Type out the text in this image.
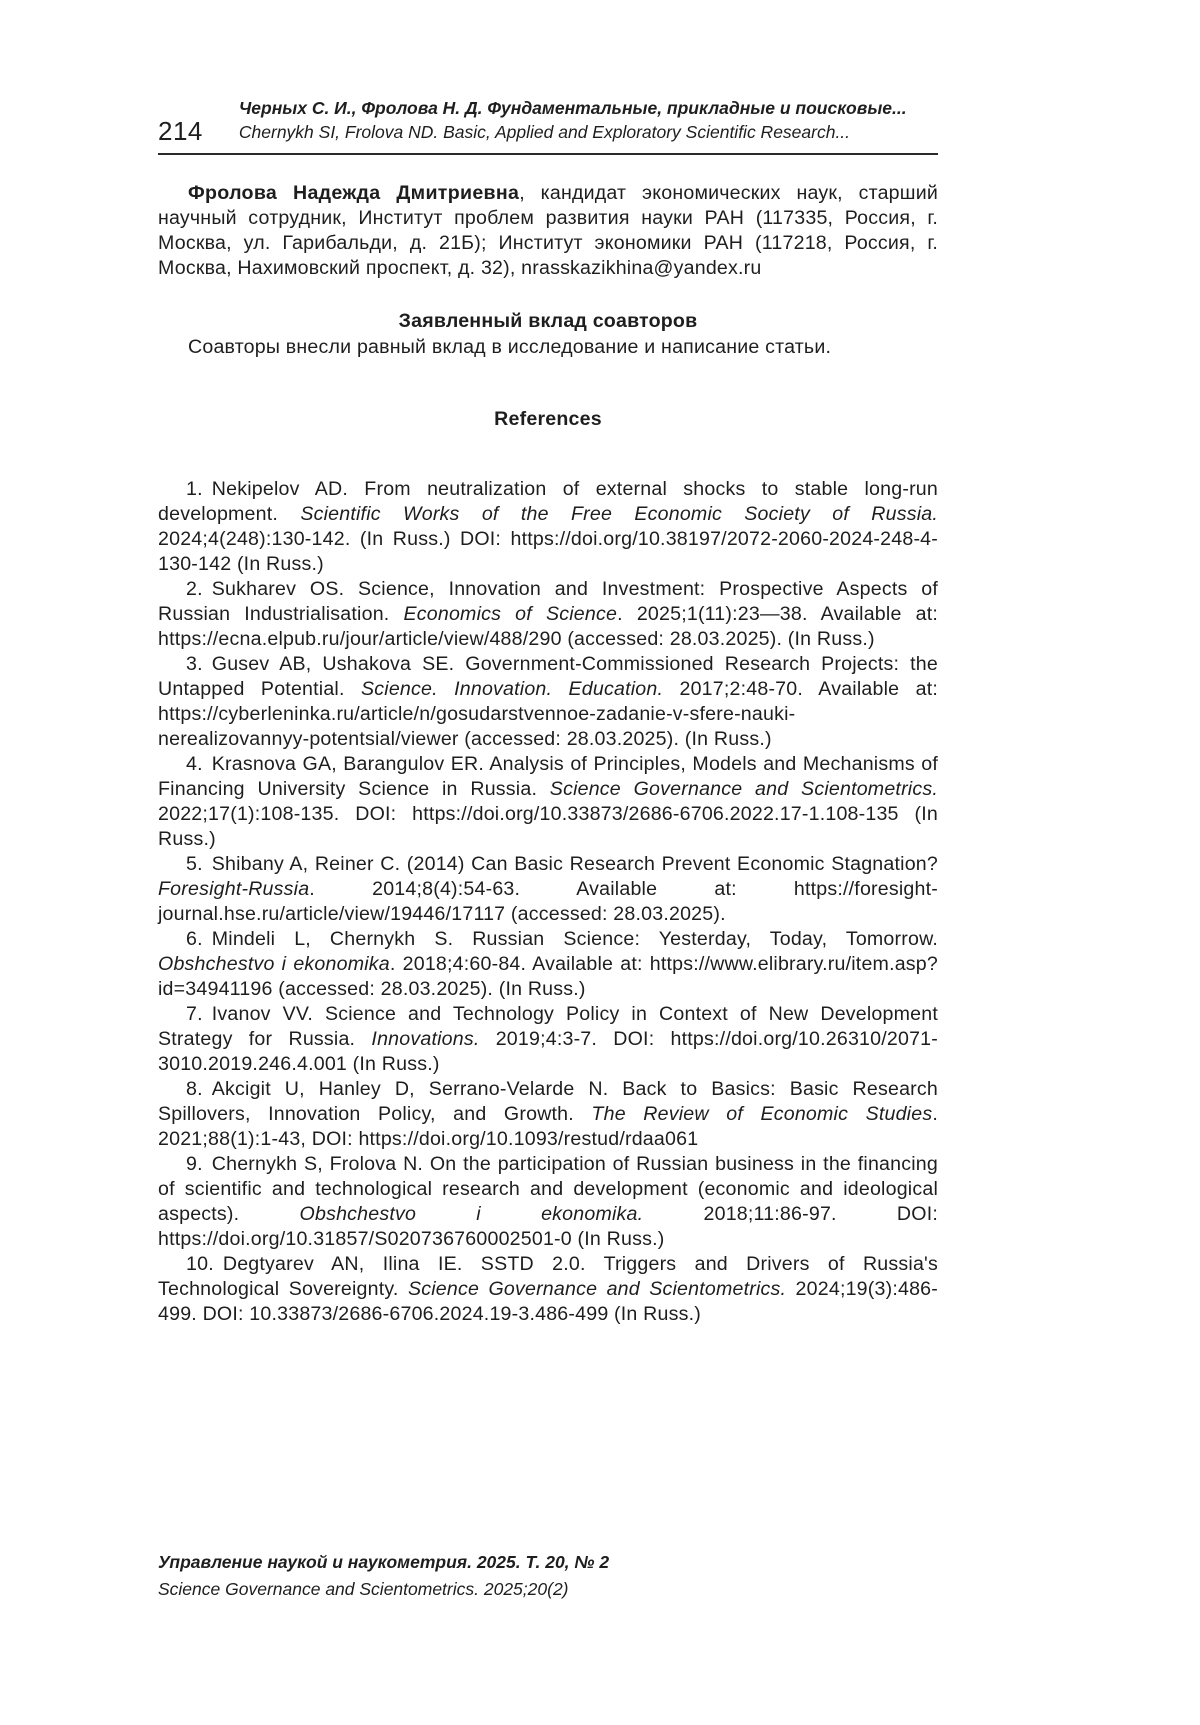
214
Черных С. И., Фролова Н. Д. Фундаментальные, прикладные и поисковые...
Chernykh SI, Frolova ND. Basic, Applied and Exploratory Scientific Research...

Фролова Надежда Дмитриевна, кандидат экономических наук, старший научный сотрудник, Институт проблем развития науки РАН (117335, Россия, г. Москва, ул. Гарибальди, д. 21Б); Институт экономики РАН (117218, Россия, г. Москва, Нахимовский проспект, д. 32), nrasskazikhina@yandex.ru

Заявленный вклад соавторов

Соавторы внесли равный вклад в исследование и написание статьи.

References

1. Nekipelov AD. From neutralization of external shocks to stable long-run development. Scientific Works of the Free Economic Society of Russia. 2024;4(248):130-142. (In Russ.) DOI: https://doi.org/10.38197/2072-2060-2024-248-4-130-142 (In Russ.)

2. Sukharev OS. Science, Innovation and Investment: Prospective Aspects of Russian Industrialisation. Economics of Science. 2025;1(11):23—38. Available at: https://ecna.elpub.ru/jour/article/view/488/290 (accessed: 28.03.2025). (In Russ.)

3. Gusev AB, Ushakova SE. Government-Commissioned Research Projects: the Untapped Potential. Science. Innovation. Education. 2017;2:48-70. Available at: https://cyberleninka.ru/article/n/gosudarstvennoe-zadanie-v-sfere-nauki-nerealizovannyy-potentsial/viewer (accessed: 28.03.2025). (In Russ.)

4. Krasnova GA, Barangulov ER. Analysis of Principles, Models and Mechanisms of Financing University Science in Russia. Science Governance and Scientometrics. 2022;17(1):108-135. DOI: https://doi.org/10.33873/2686-6706.2022.17-1.108-135 (In Russ.)

5. Shibany A, Reiner C. (2014) Can Basic Research Prevent Economic Stagnation? Foresight-Russia. 2014;8(4):54-63. Available at: https://foresight-journal.hse.ru/article/view/19446/17117 (accessed: 28.03.2025).

6. Mindeli L, Chernykh S. Russian Science: Yesterday, Today, Tomorrow. Obshchestvo i ekonomika. 2018;4:60-84. Available at: https://www.elibrary.ru/item.asp?id=34941196 (accessed: 28.03.2025). (In Russ.)

7. Ivanov VV. Science and Technology Policy in Context of New Development Strategy for Russia. Innovations. 2019;4:3-7. DOI: https://doi.org/10.26310/2071-3010.2019.246.4.001 (In Russ.)

8. Akcigit U, Hanley D, Serrano-Velarde N. Back to Basics: Basic Research Spillovers, Innovation Policy, and Growth. The Review of Economic Studies. 2021;88(1):1-43, DOI: https://doi.org/10.1093/restud/rdaa061

9. Chernykh S, Frolova N. On the participation of Russian business in the financing of scientific and technological research and development (economic and ideological aspects). Obshchestvo i ekonomika. 2018;11:86-97. DOI: https://doi.org/10.31857/S020736760002501-0 (In Russ.)

10. Degtyarev AN, Ilina IE. SSTD 2.0. Triggers and Drivers of Russia's Technological Sovereignty. Science Governance and Scientometrics. 2024;19(3):486-499. DOI: 10.33873/2686-6706.2024.19-3.486-499 (In Russ.)

Управление наукой и наукометрия. 2025. Т. 20, № 2
Science Governance and Scientometrics. 2025;20(2)
